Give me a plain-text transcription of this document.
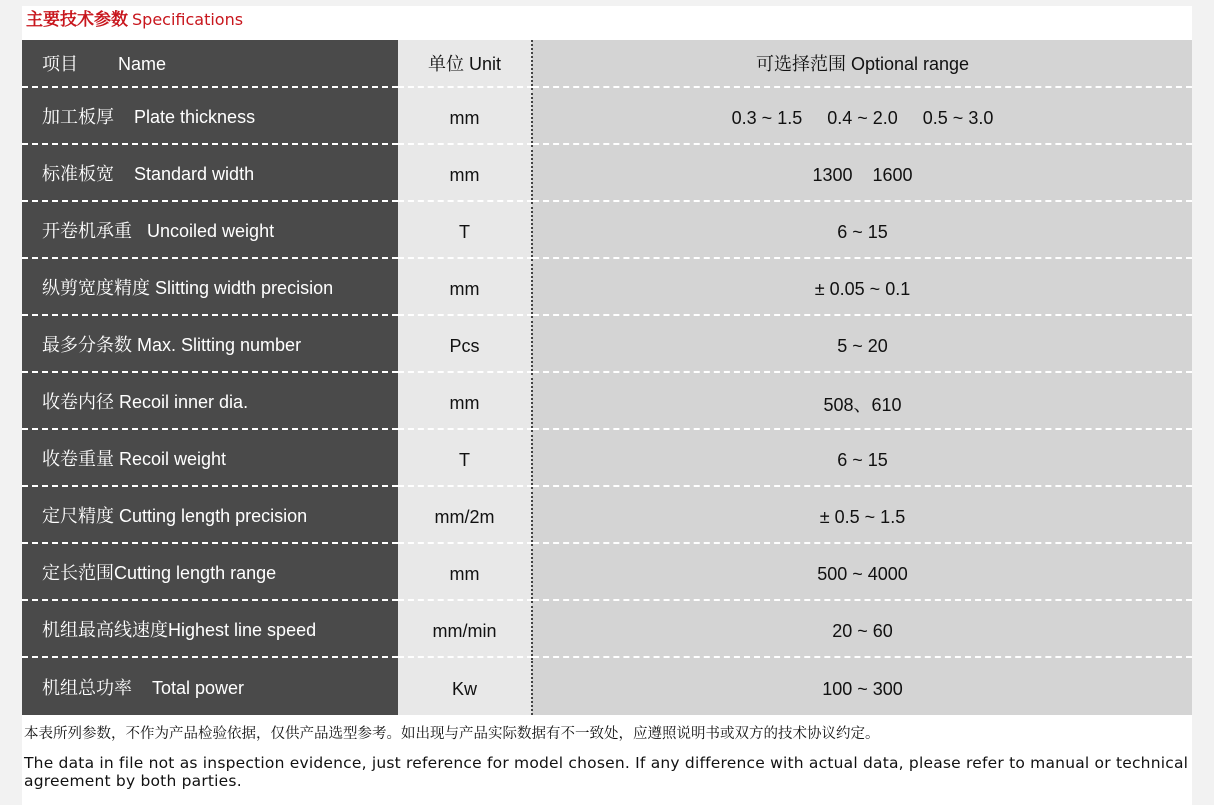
主要技术参数 Specifications
项目        Name	单位 Unit	可选择范围 Optional range
加工板厚    Plate thickness	mm	0.3 ~ 1.5     0.4 ~ 2.0     0.5 ~ 3.0
标准板宽    Standard width	mm	1300    1600
开卷机承重   Uncoiled weight	T	6 ~ 15
纵剪宽度精度 Slitting width precision	mm	± 0.05 ~ 0.1
最多分条数 Max. Slitting number	Pcs	5 ~ 20
收卷内径 Recoil inner dia.	mm	508、610
收卷重量 Recoil weight	T	6 ~ 15
定尺精度 Cutting length precision	mm/2m	± 0.5 ~ 1.5
定长范围Cutting length range	mm	500 ~ 4000
机组最高线速度Highest line speed	mm/min	20 ~ 60
机组总功率    Total power	Kw	100 ~ 300
本表所列参数，不作为产品检验依据，仅供产品选型参考。如出现与产品实际数据有不一致处，应遵照说明书或双方的技术协议约定。
The data in file not as inspection evidence, just reference for model chosen. If any difference with actual data, please refer to manual or technical agreement by both parties.
